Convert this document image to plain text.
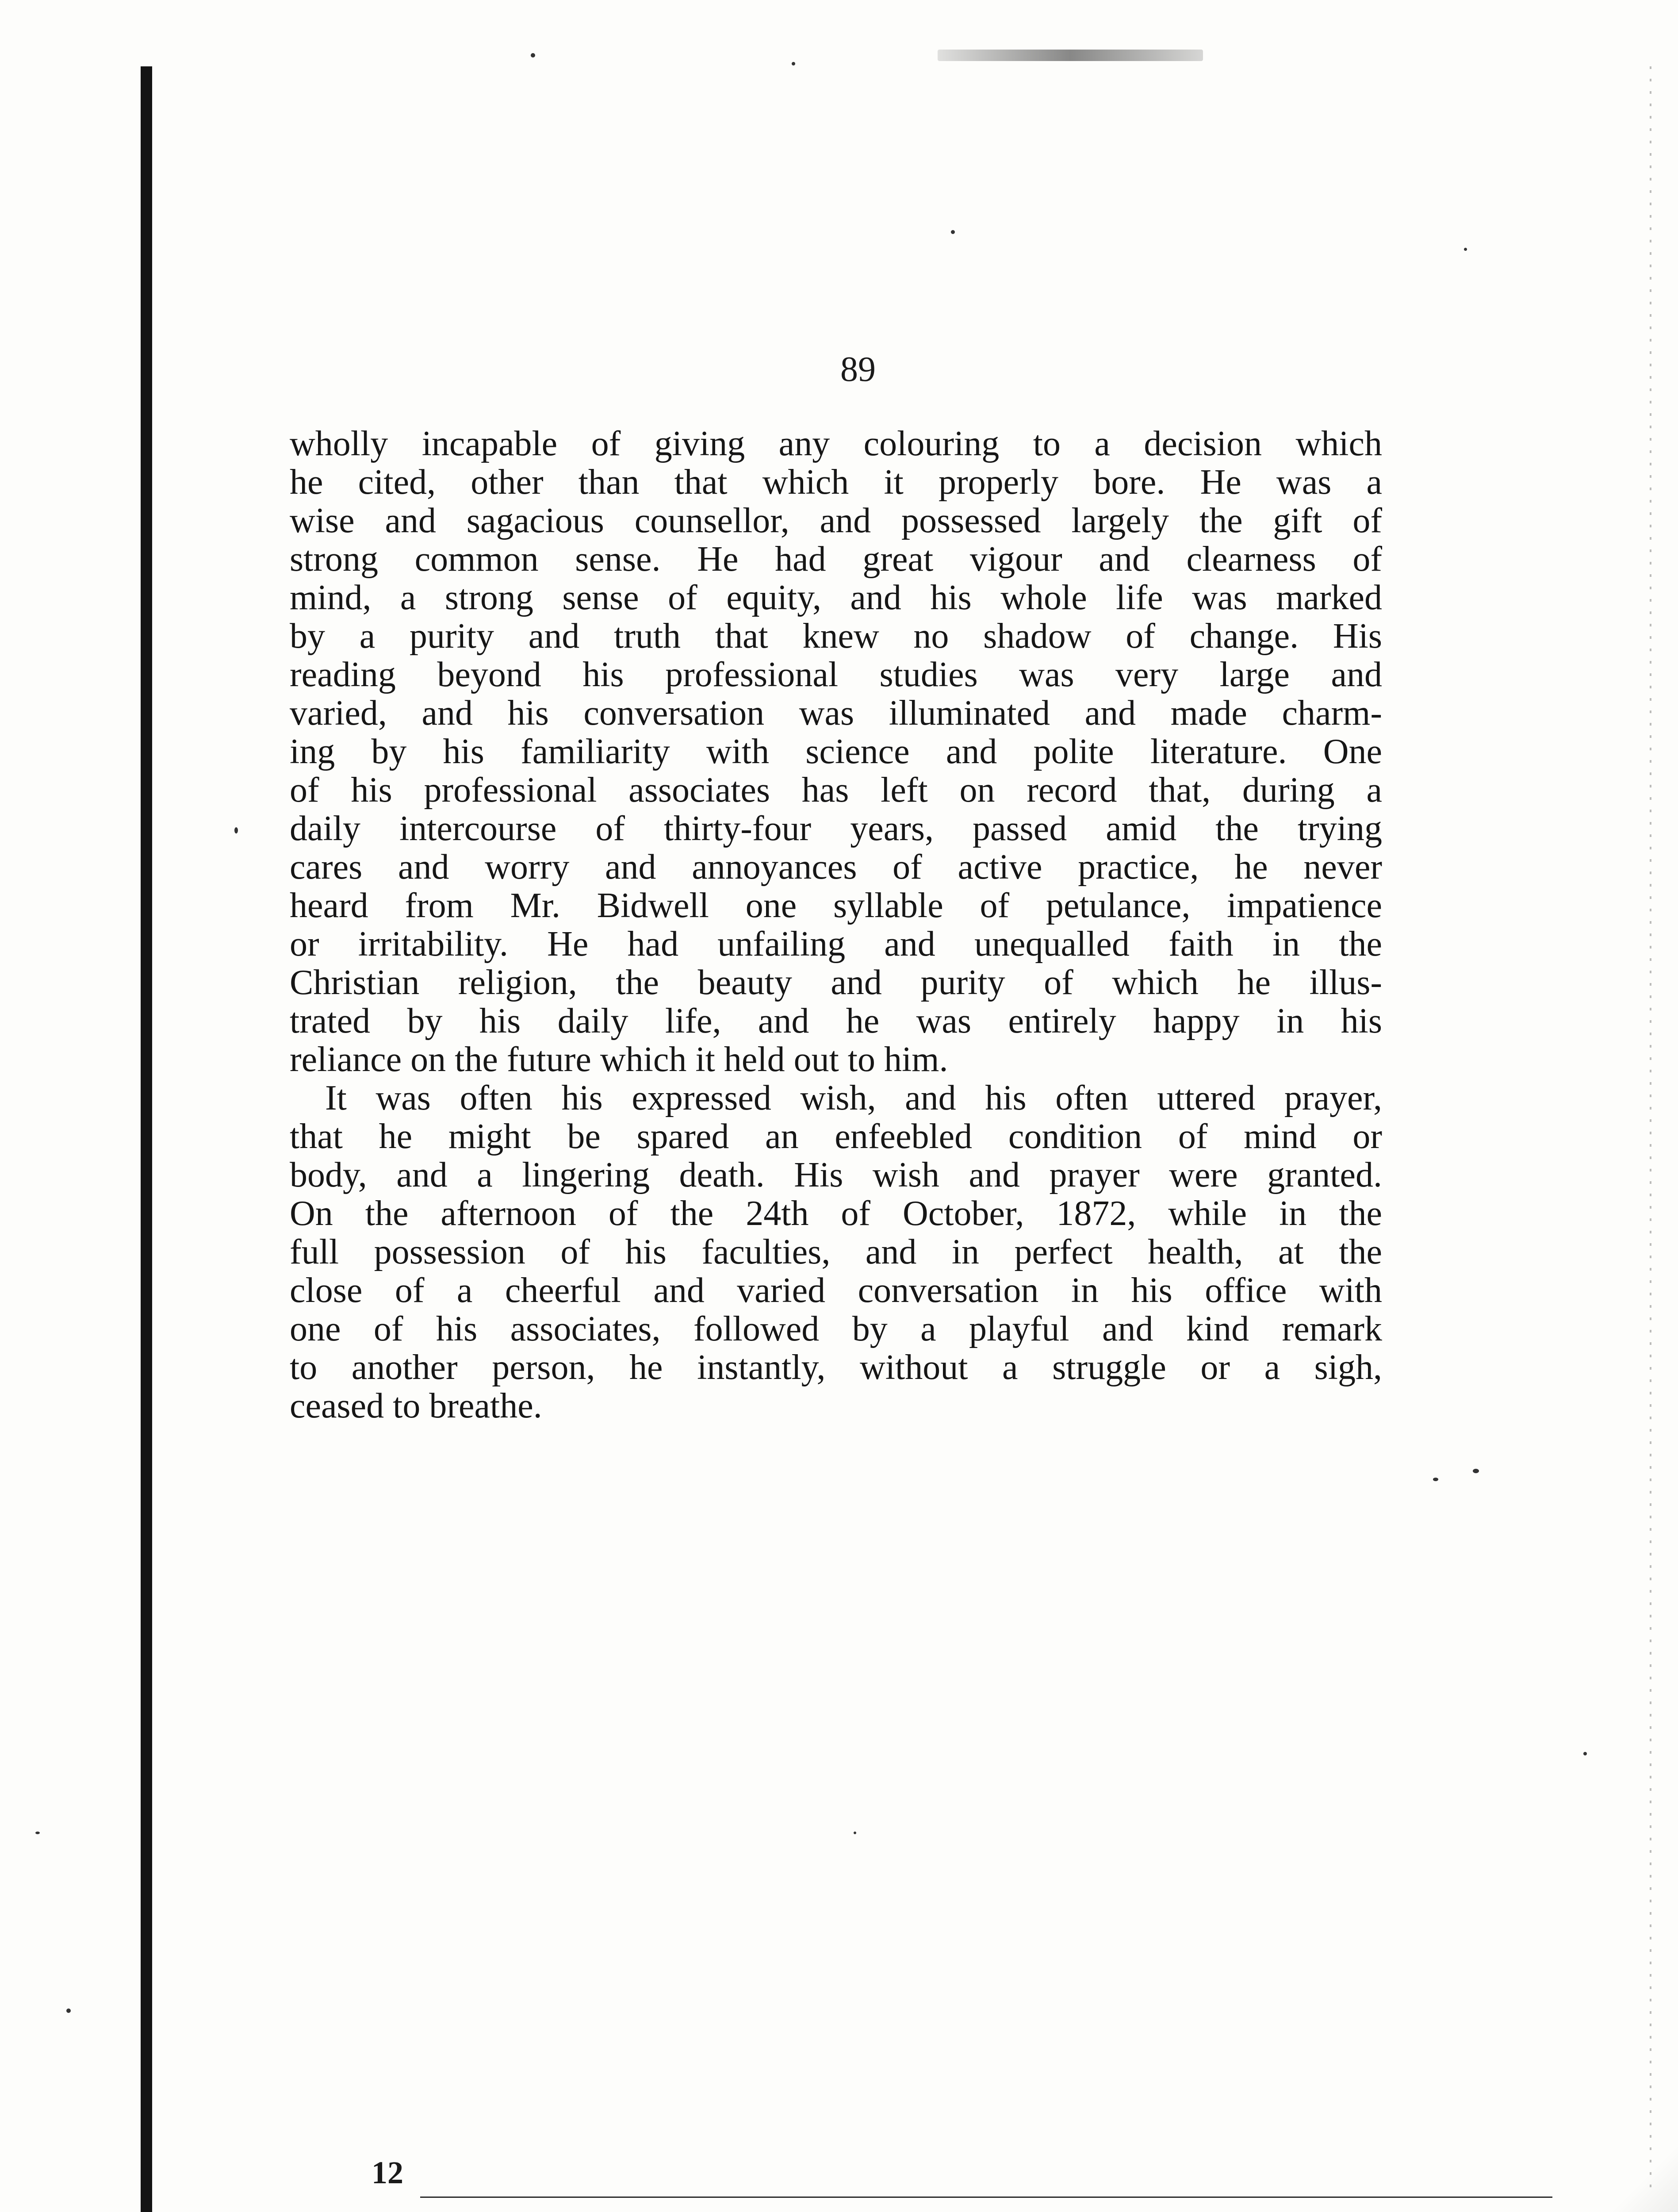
89
wholly incapable of giving any colouring to a decision which
he cited, other than that which it properly bore. He was a
wise and sagacious counsellor, and possessed largely the gift of
strong common sense. He had great vigour and clearness of
mind, a strong sense of equity, and his whole life was marked
by a purity and truth that knew no shadow of change. His
reading beyond his professional studies was very large and
varied, and his conversation was illuminated and made charm-
ing by his familiarity with science and polite literature. One
of his professional associates has left on record that, during a
daily intercourse of thirty-four years, passed amid the trying
cares and worry and annoyances of active practice, he never
heard from Mr. Bidwell one syllable of petulance, impatience
or irritability. He had unfailing and unequalled faith in the
Christian religion, the beauty and purity of which he illus-
trated by his daily life, and he was entirely happy in his
reliance on the future which it held out to him.
It was often his expressed wish, and his often uttered prayer,
that he might be spared an enfeebled condition of mind or
body, and a lingering death. His wish and prayer were granted.
On the afternoon of the 24th of October, 1872, while in the
full possession of his faculties, and in perfect health, at the
close of a cheerful and varied conversation in his office with
one of his associates, followed by a playful and kind remark
to another person, he instantly, without a struggle or a sigh,
ceased to breathe.
12
